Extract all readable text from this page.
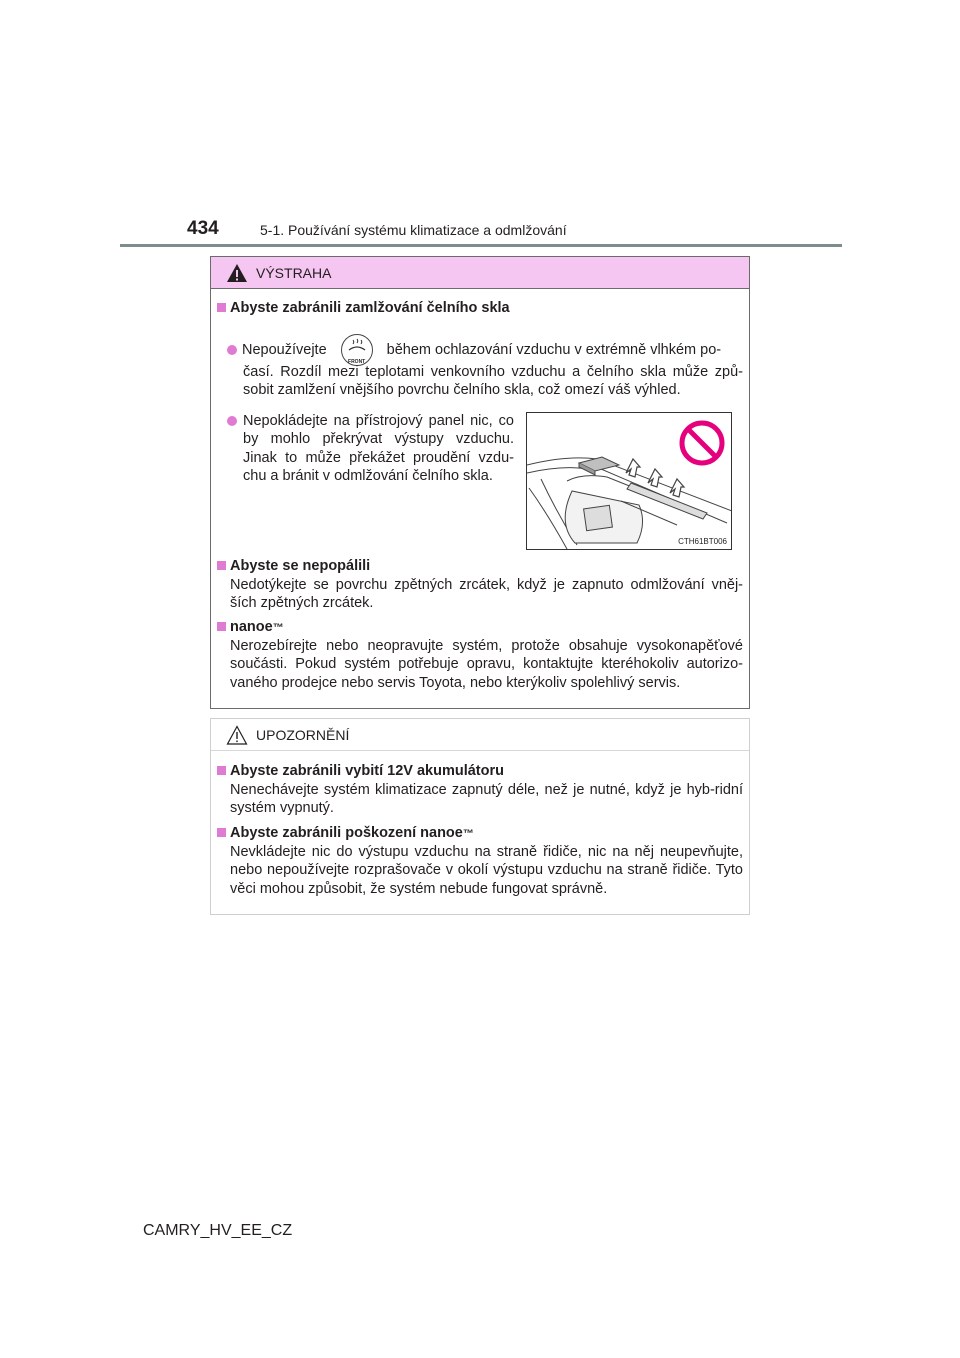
434	5-1. Používání systému klimatizace a odmlžování
VÝSTRAHA
Abyste zabránili zamlžování čelního skla
Nepoužívejte
FRONT
během ochlazování vzduchu v extrémně vlhkém po-
časí. Rozdíl mezi teplotami venkovního vzduchu a čelního skla může způ-sobit zamlžení vnějšího povrchu čelního skla, což omezí váš výhled.
Nepokládejte na přístrojový panel nic, co by mohlo překrývat výstupy vzduchu. Jinak to může překážet proudění vzdu-chu a bránit v odmlžování čelního skla.
CTH61BT006
Abyste se nepopálili
Nedotýkejte se povrchu zpětných zrcátek, když je zapnuto odmlžování vněj-ších zpětných zrcátek.
nanoe™
Nerozebírejte nebo neopravujte systém, protože obsahuje vysokonapěťové součásti. Pokud systém potřebuje opravu, kontaktujte kteréhokoliv autorizo-vaného prodejce nebo servis Toyota, nebo kterýkoliv spolehlivý servis.
UPOZORNĚNÍ
Abyste zabránili vybití 12V akumulátoru
Nenechávejte systém klimatizace zapnutý déle, než je nutné, když je hyb-ridní systém vypnutý.
Abyste zabránili poškození nanoe™
Nevkládejte nic do výstupu vzduchu na straně řidiče, nic na něj neupevňujte, nebo nepoužívejte rozprašovače v okolí výstupu vzduchu na straně řidiče. Tyto věci mohou způsobit, že systém nebude fungovat správně.
CAMRY_HV_EE_CZ
